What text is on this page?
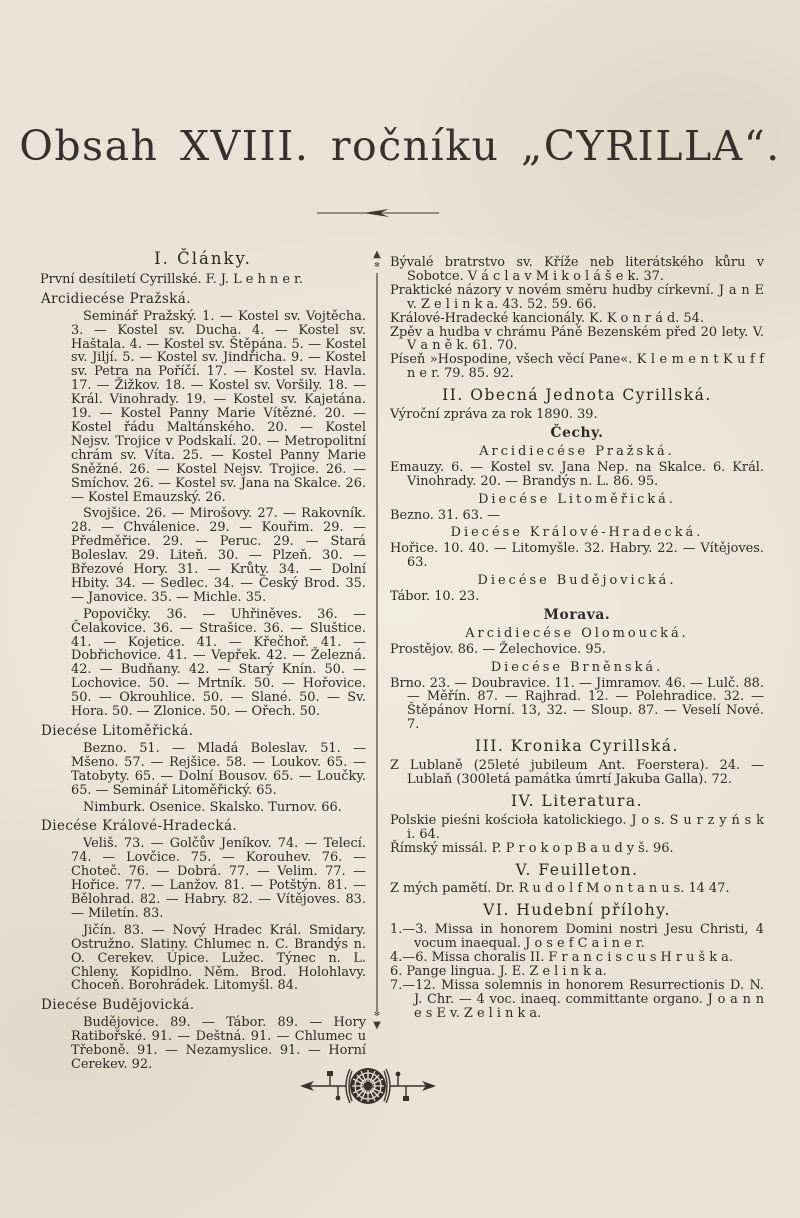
Obsah XVIII. ročníku „CYRILLA“.
I. Články.

První desítiletí Cyrillské. F. J. L e h n e r.

Arcidiecése Pražská.

Seminář Pražský. 1. — Kostel sv. Vojtěcha. 3. — Kostel sv. Ducha. 4. — Kostel sv. Haštala. 4. — Kostel sv. Štěpána. 5. — Kostel sv. Jiljí. 5. — Kostel sv. Jindřicha. 9. — Kostel sv. Petra na Poříčí. 17. — Kostel sv. Havla. 17. — Žižkov. 18. — Kostel sv. Voršily. 18. — Král. Vinohrady. 19. — Kostel sv. Kajetána. 19. — Kostel Panny Marie Vítězné. 20. — Kostel řádu Maltánského. 20. — Kostel Nejsv. Trojice v Podskalí. 20. — Metropolitní chrám sv. Víta. 25. — Kostel Panny Marie Sněžné. 26. — Kostel Nejsv. Trojice. 26. — Smíchov. 26. — Kostel sv. Jana na Skalce. 26. — Kostel Emauzský. 26.

Svojšice. 26. — Mirošovy. 27. — Rakovník. 28. — Chválenice. 29. — Kouřim. 29. — Předměřice. 29. — Peruc. 29. — Stará Boleslav. 29. Liteň. 30. — Plzeň. 30. — Březové Hory. 31. — Krůty. 34. — Dolní Hbity. 34. — Sedlec. 34. — Český Brod. 35. — Janovice. 35. — Michle. 35.

Popovičky. 36. — Uhřiněves. 36. — Čelakovice. 36. — Strašice. 36. — Sluštice. 41. — Kojetice. 41. — Křečhoř. 41. — Dobřichovice. 41. — Vepřek. 42. — Železná. 42. — Budňany. 42. — Starý Knín. 50. — Lochovice. 50. — Mrtník. 50. — Hořovice. 50. — Okrouhlice. 50. — Slané. 50. — Sv. Hora. 50. — Zlonice. 50. — Ořech. 50.

Diecése Litoměřická.

Bezno. 51. — Mladá Boleslav. 51. — Mšeno. 57. — Rejšice. 58. — Loukov. 65. — Tatobyty. 65. — Dolní Bousov. 65. — Loučky. 65. — Seminář Litoměřický. 65.

Nimburk. Osenice. Skalsko. Turnov. 66.

Diecése Králové-Hradecká.

Veliš. 73. — Golčův Jeníkov. 74. — Telecí. 74. — Lovčice. 75. — Korouhev. 76. — Choteč. 76. — Dobrá. 77. — Velim. 77. — Hořice. 77. — Lanžov. 81. — Potštýn. 81. — Bělohrad. 82. — Habry. 82. — Vítějoves. 83. — Miletín. 83.

Jičín. 83. — Nový Hradec Král. Smidary. Ostružno. Slatiny. Chlumec n. C. Brandýs n. O. Cerekev. Úpice. Lužec. Týnec n. L. Chleny. Kopidlno. Něm. Brod. Holohlavy. Choceň. Borohrádek. Litomyšl. 84.

Diecése Budějovická.

Budějovice. 89. — Tábor. 89. — Hory Ratibořské. 91. — Deštná. 91. — Chlumec u Třeboně. 91. — Nezamyslice. 91. — Horní Cerekev. 92.

▲
✻
✻
▼

Bývalé bratrstvo sv. Kříže neb literátského kůru v Sobotce. V á c l a v M i k o l á š e k. 37.

Praktické názory v novém směru hudby církevní. J a n E v. Z e l i n k a. 43. 52. 59. 66.

Králové-Hradecké kancionály. K. K o n r á d. 54.

Zpěv a hudba v chrámu Páně Bezenském před 20 lety. V. V a n ě k. 61. 70.

Píseň »Hospodine, všech věcí Pane«. K l e m e n t K u f f n e r. 79. 85. 92.

II. Obecná Jednota Cyrillská.

Výroční zpráva za rok 1890. 39.

Čechy.

Arcidiecése Pražská.

Emauzy. 6. — Kostel sv. Jana Nep. na Skalce. 6. Král. Vinohrady. 20. — Brandýs n. L. 86. 95.

Diecése Litoměřická.

Bezno. 31. 63. —

Diecése Králové-Hradecká.

Hořice. 10. 40. — Litomyšle. 32. Habry. 22. — Vítějoves. 63.

Diecése Budějovická.

Tábor. 10. 23.

Morava.

Arcidiecése Olomoucká.

Prostějov. 86. — Želechovice. 95.

Diecése Brněnská.

Brno. 23. — Doubravice. 11. — Jimramov. 46. — Lulč. 88. — Měřín. 87. — Rajhrad. 12. — Polehradice. 32. — Štěpánov Horní. 13, 32. — Sloup. 87. — Veselí Nové. 7.

III. Kronika Cyrillská.

Z Lublaně (25leté jubileum Ant. Foerstera). 24. — Lublaň (300letá památka úmrtí Jakuba Galla). 72.

IV. Literatura.

Polskie pieśni kościoła katolickiego. J o s. S u r z y ń s k i. 64.

Římský missál. P. P r o k o p B a u d y š. 96.

V. Feuilleton.

Z mých pamětí. Dr. R u d o l f M o n t a n u s. 14 47.

VI. Hudební přílohy.

1.—3. Missa in honorem Domini nostri Jesu Christi, 4 vocum inaequal. J o s e f C a i n e r.

4.—6. Missa choralis II. F r a n c i s c u s H r u š k a.

6. Pange lingua. J. E. Z e l i n k a.

7.—12. Missa solemnis in honorem Resurrectionis D. N. J. Chr. — 4 voc. inaeq. committante organo. J o a n n e s E v. Z e l i n k a.
